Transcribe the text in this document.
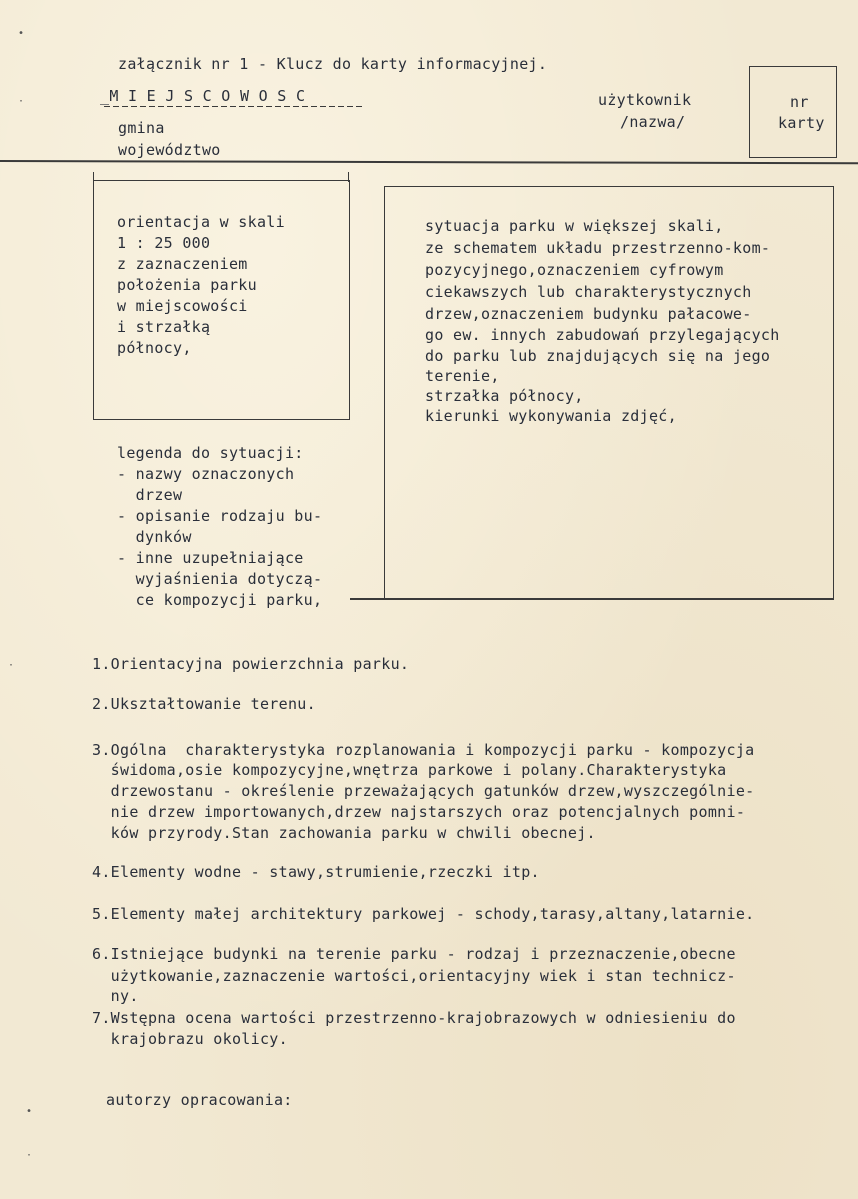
załącznik nr 1 - Klucz do karty informacyjnej.
_M I E J S C O W O S C
gmina
województwo
użytkownik
/nazwa/
nr
karty
orientacja w skali
1 : 25 000
z zaznaczeniem
położenia parku
w miejscowości
i strzałką
północy,
legenda do sytuacji:
- nazwy oznaczonych
drzew
- opisanie rodzaju bu-
dynków
- inne uzupełniające
wyjaśnienia dotyczą-
ce kompozycji parku,
sytuacja parku w większej skali,
ze schematem układu przestrzenno-kom-
pozycyjnego,oznaczeniem cyfrowym
ciekawszych lub charakterystycznych
drzew,oznaczeniem budynku pałacowe-
go ew. innych zabudowań przylegających
do parku lub znajdujących się na jego
terenie,
strzałka północy,
kierunki wykonywania zdjęć,
1.Orientacyjna powierzchnia parku.
2.Ukształtowanie terenu.
3.Ogólna  charakterystyka rozplanowania i kompozycji parku - kompozycja
świdoma,osie kompozycyjne,wnętrza parkowe i polany.Charakterystyka
drzewostanu - określenie przeważających gatunków drzew,wyszczególnie-
nie drzew importowanych,drzew najstarszych oraz potencjalnych pomni-
ków przyrody.Stan zachowania parku w chwili obecnej.
4.Elementy wodne - stawy,strumienie,rzeczki itp.
5.Elementy małej architektury parkowej - schody,tarasy,altany,latarnie.
6.Istniejące budynki na terenie parku - rodzaj i przeznaczenie,obecne
użytkowanie,zaznaczenie wartości,orientacyjny wiek i stan technicz-
ny.
7.Wstępna ocena wartości przestrzenno-krajobrazowych w odniesieniu do
krajobrazu okolicy.
autorzy opracowania:
•
·
·
•
·
